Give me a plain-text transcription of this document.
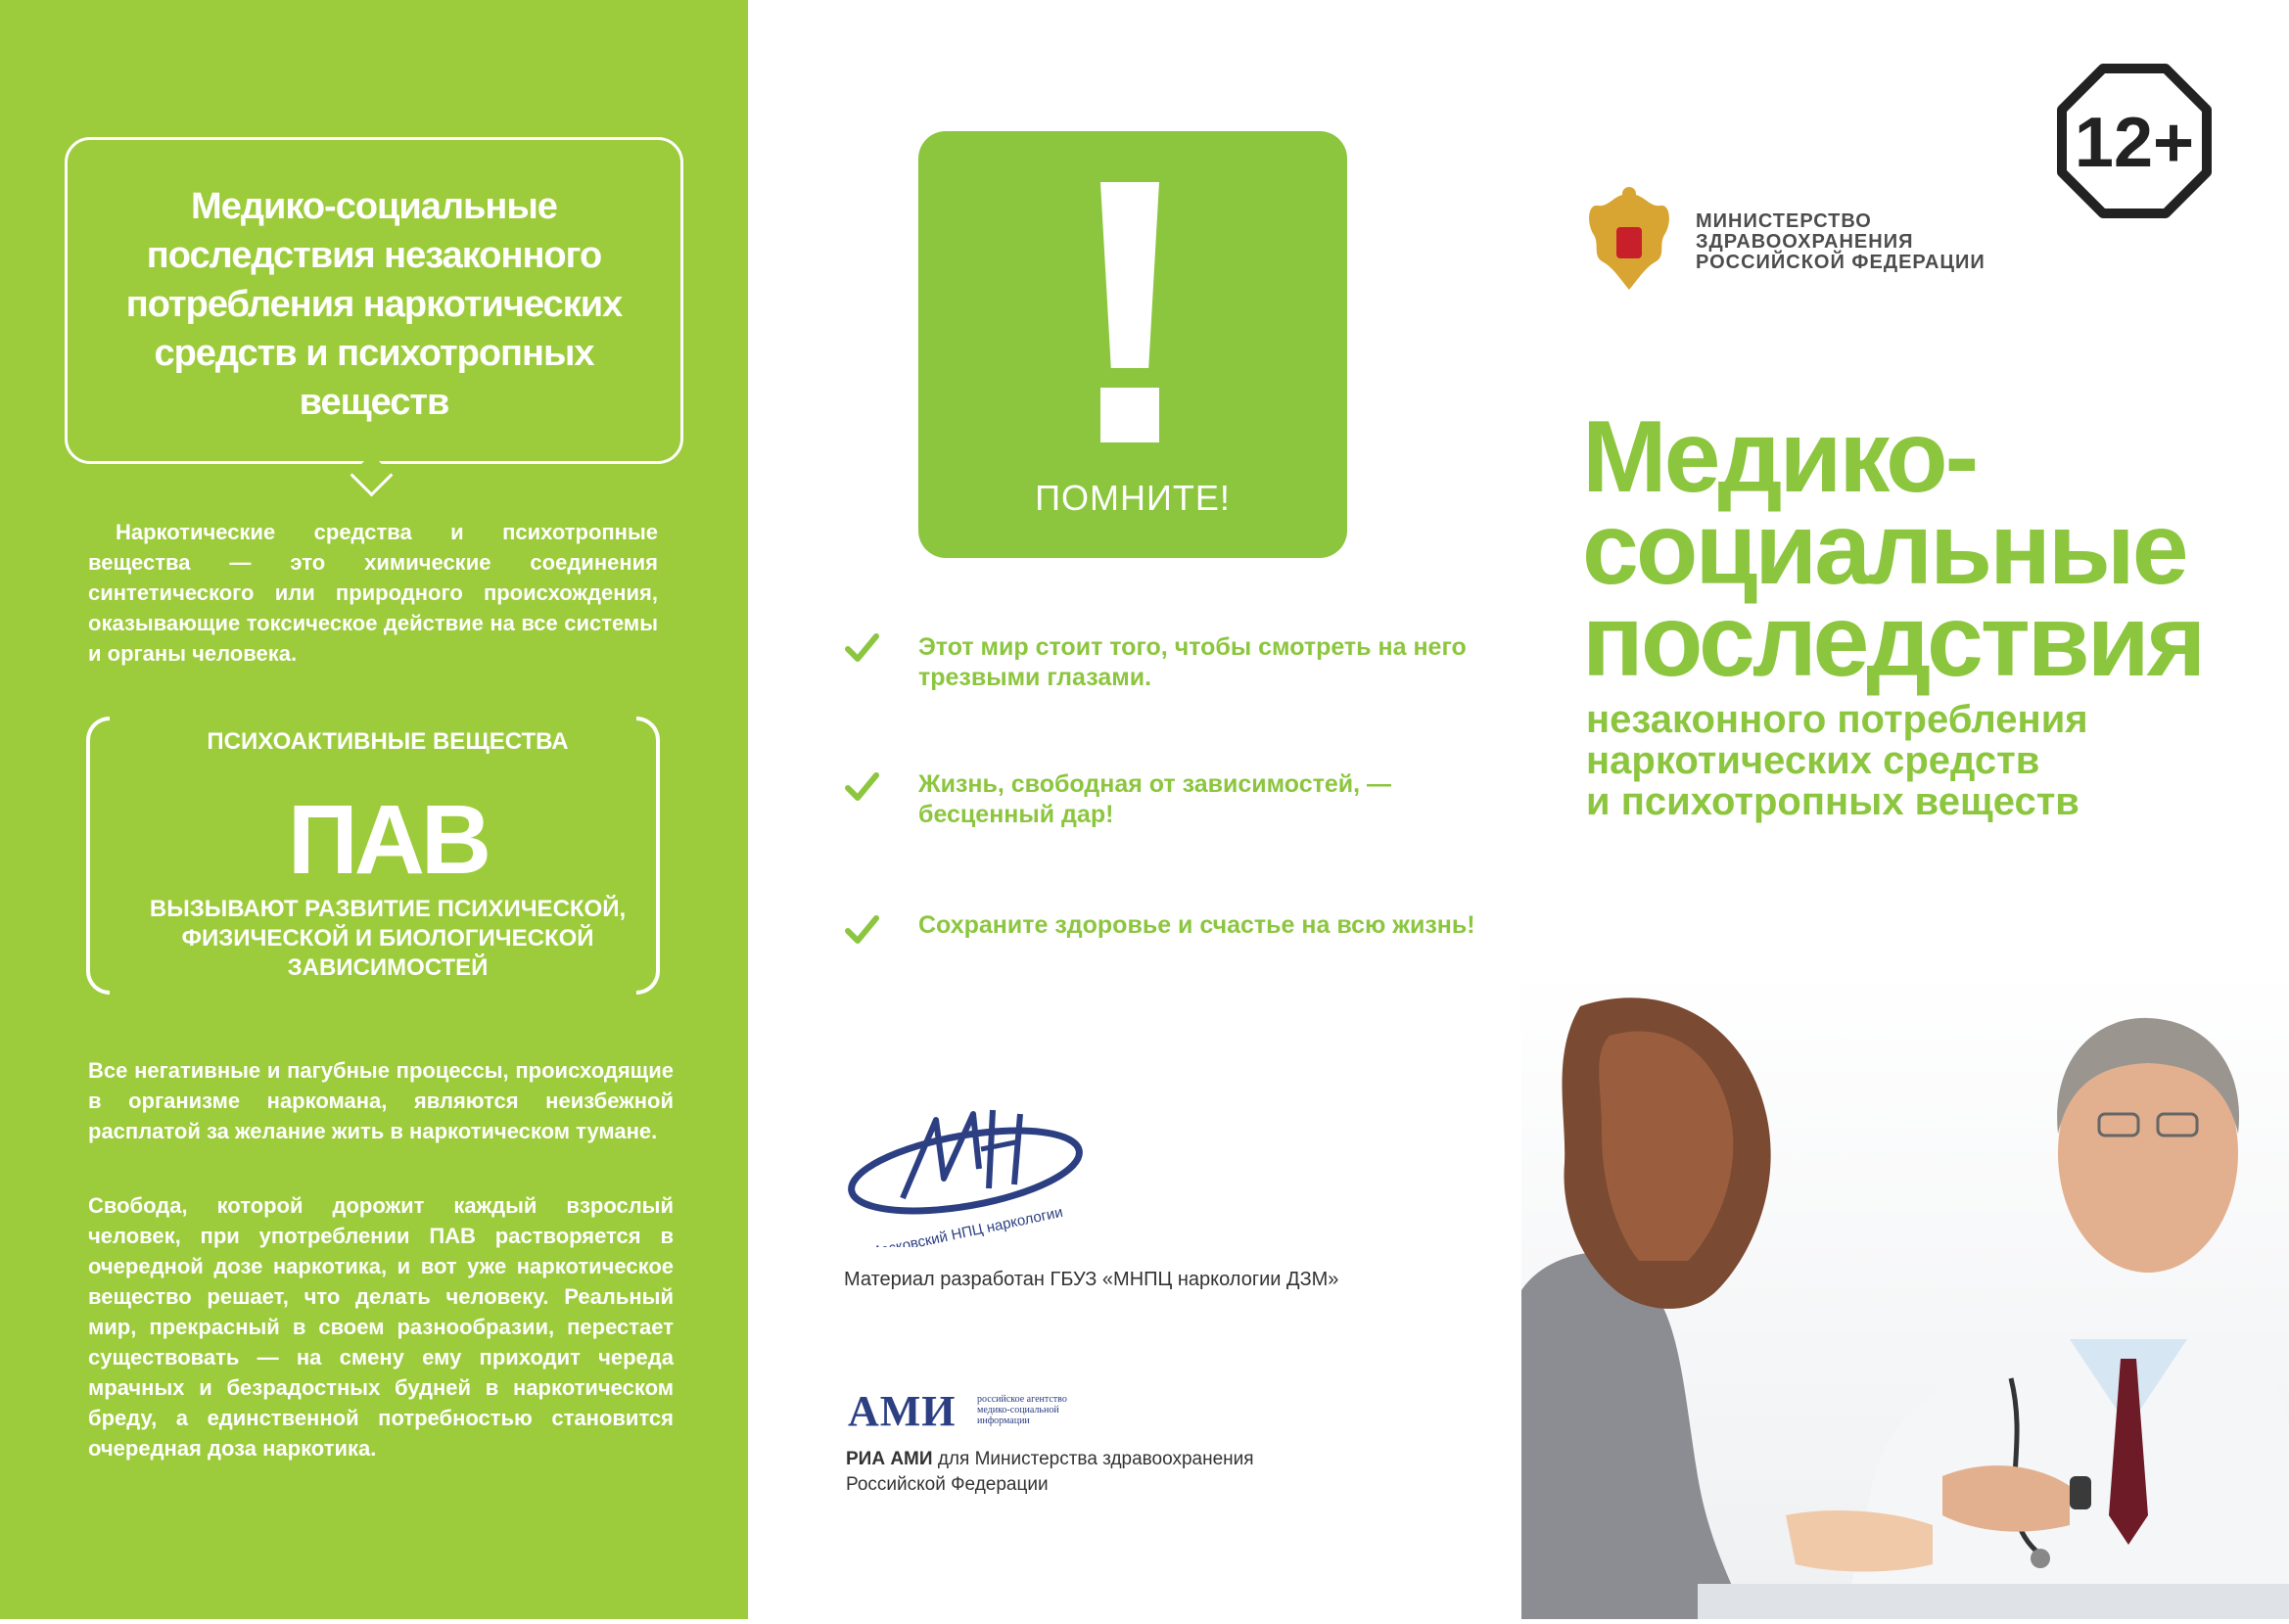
Медико-социальные последствия незаконного потребления наркотических средств и психотропных веществ
Наркотические средства и психотропные вещества — это химические соединения синтетического или природного происхождения, оказывающие токсическое действие на все системы и органы человека.
ПСИХОАКТИВНЫЕ ВЕЩЕСТВА
ПАВ
ВЫЗЫВАЮТ РАЗВИТИЕ ПСИХИЧЕСКОЙ, ФИЗИЧЕСКОЙ И БИОЛОГИЧЕСКОЙ ЗАВИСИМОСТЕЙ
Все негативные и пагубные процессы, происходящие в организме наркомана, являются неизбежной расплатой за желание жить в наркотическом тумане.
Свобода, которой дорожит каждый взрослый человек, при употреблении ПАВ растворяется в очередной дозе наркотика, и вот уже наркотическое вещество решает, что делать человеку. Реальный мир, прекрасный в своем разнообразии, перестает существовать — на смену ему приходит череда мрачных и безрадостных будней в наркотическом бреду, а единственной потребностью становится очередная доза наркотика.
ПОМНИТЕ!
Этот мир стоит того, чтобы смотреть на него трезвыми глазами.
Жизнь, свободная от зависимостей, — бесценный дар!
Сохраните здоровье и счастье на всю жизнь!
Московский НПЦ наркологии
Материал разработан ГБУЗ «МНПЦ наркологии ДЗМ»
АМИ российское агентство
медико-социальной
информации
РИА АМИ для Министерства здравоохранения
Российской Федерации
12+
МИНИСТЕРСТВО
ЗДРАВООХРАНЕНИЯ
РОССИЙСКОЙ ФЕДЕРАЦИИ
Медико-
социальные
последствия
незаконного потребления
наркотических средств
и психотропных веществ
